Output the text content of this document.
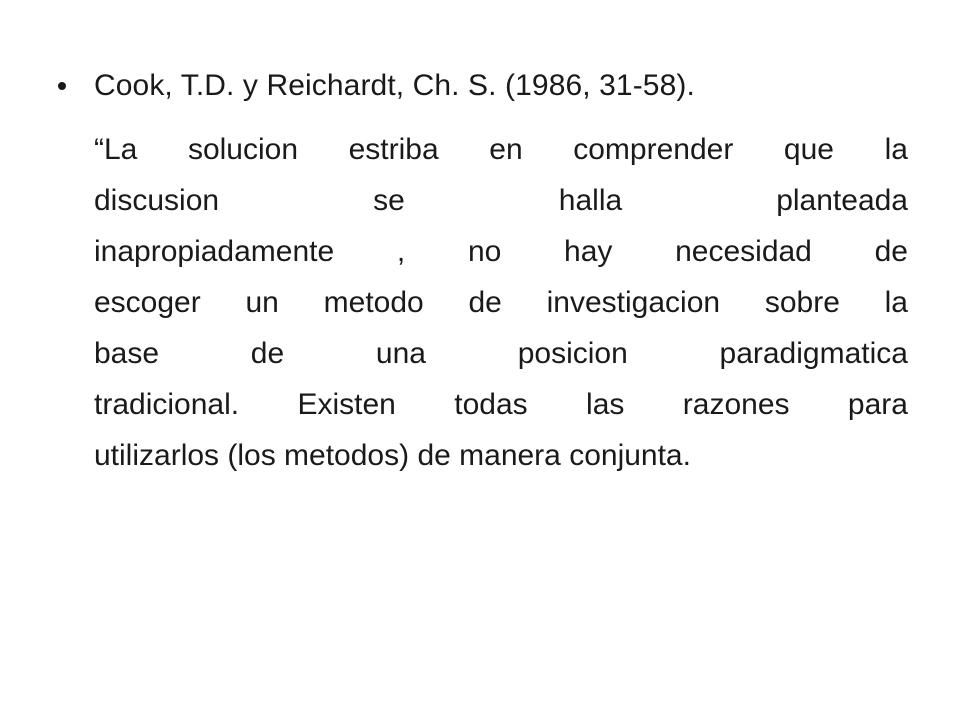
Cook, T.D. y Reichardt, Ch. S. (1986, 31-58).
“La solucion estriba en comprender que la
discusion	se	halla	planteada
inapropiadamente , no hay necesidad de
escoger un metodo de investigacion sobre la
base	de	una	posicion	paradigmatica
tradicional. Existen todas las razones para
utilizarlos (los metodos) de manera conjunta.
